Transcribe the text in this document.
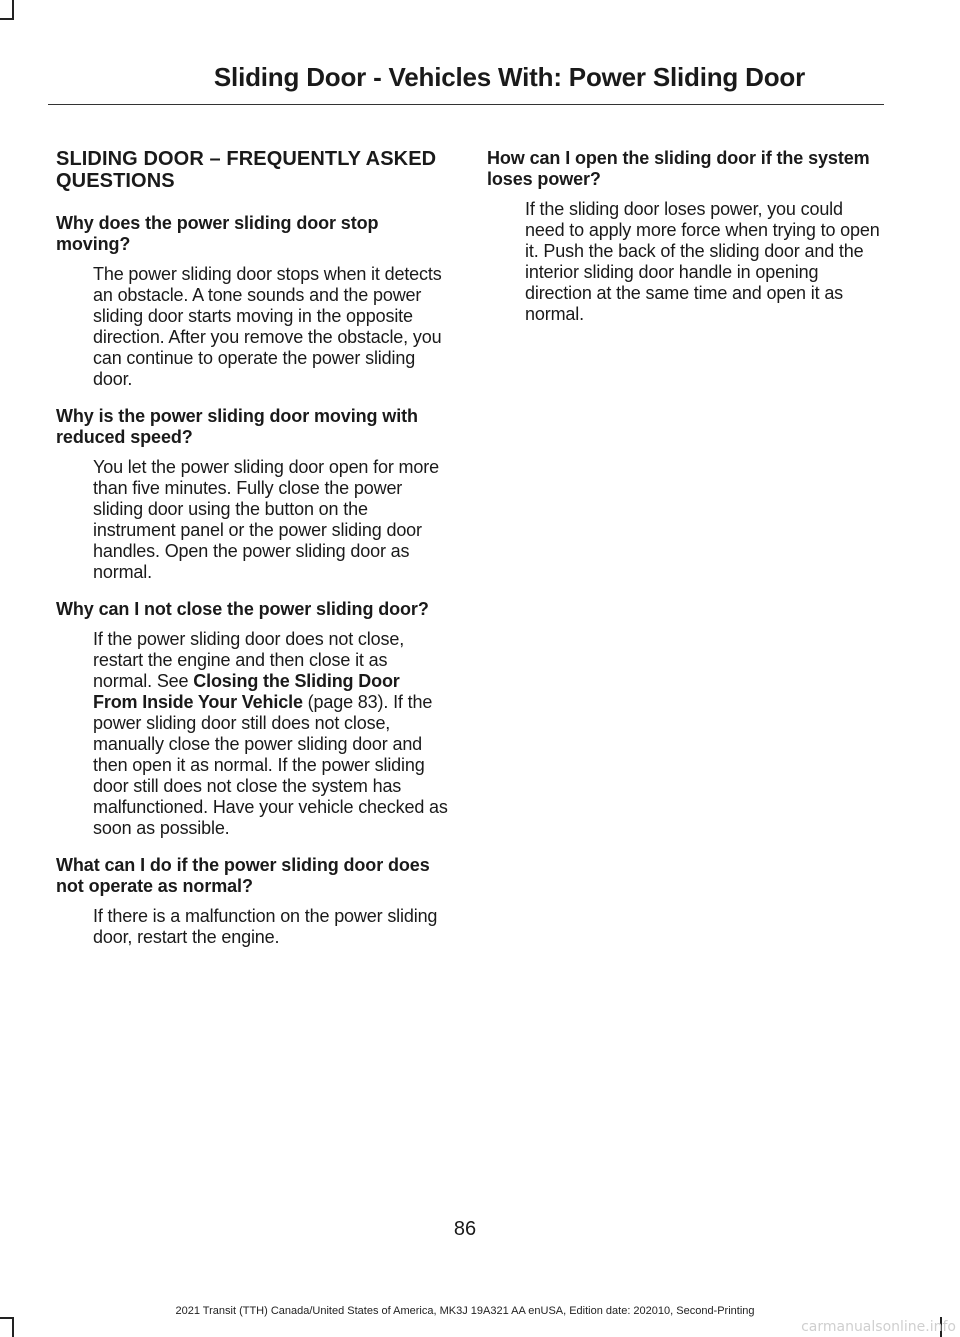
Sliding Door - Vehicles With: Power Sliding Door
SLIDING DOOR – FREQUENTLY ASKED QUESTIONS
Why does the power sliding door stop moving?
The power sliding door stops when it detects an obstacle. A tone sounds and the power sliding door starts moving in the opposite direction. After you remove the obstacle, you can continue to operate the power sliding door.
Why is the power sliding door moving with reduced speed?
You let the power sliding door open for more than five minutes. Fully close the power sliding door using the button on the instrument panel or the power sliding door handles. Open the power sliding door as normal.
Why can I not close the power sliding door?
If the power sliding door does not close, restart the engine and then close it as normal. See Closing the Sliding Door From Inside Your Vehicle (page 83). If the power sliding door still does not close, manually close the power sliding door and then open it as normal. If the power sliding door still does not close the system has malfunctioned. Have your vehicle checked as soon as possible.
What can I do if the power sliding door does not operate as normal?
If there is a malfunction on the power sliding door, restart the engine.
How can I open the sliding door if the system loses power?
If the sliding door loses power, you could need to apply more force when trying to open it. Push the back of the sliding door and the interior sliding door handle in opening direction at the same time and open it as normal.
86
2021 Transit (TTH) Canada/United States of America, MK3J 19A321 AA enUSA, Edition date: 202010, Second-Printing
carmanualsonline.info
